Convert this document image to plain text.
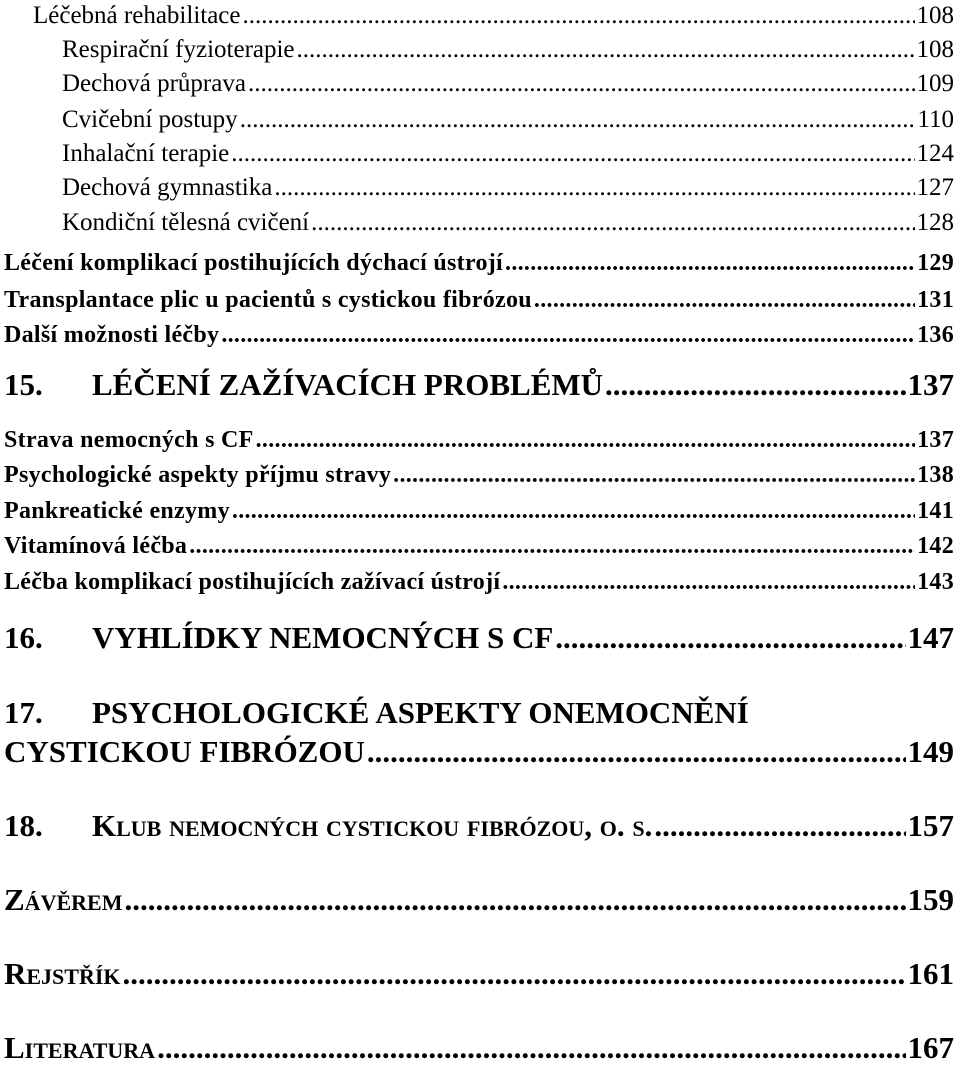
Léčebná rehabilitace .....	108
Respirační fyzioterapie .....	108
Dechová průprava .....	109
Cvičební postupy .....	110
Inhalační terapie .....	124
Dechová gymnastika .....	127
Kondiční tělesná cvičení .....	128
Léčení komplikací postihujících dýchací ústrojí .....	129
Transplantace plic u pacientů s cystickou fibrózou .....	131
Další možnosti léčby .....	136
15. LÉČENÍ ZAŽÍVACÍCH PROBLÉMŮ .....	137
Strava nemocných s CF .....	137
Psychologické aspekty příjmu stravy .....	138
Pankreatické enzymy .....	141
Vitamínová léčba .....	142
Léčba komplikací postihujících zažívací ústrojí .....	143
16. VYHLÍDKY NEMOCNÝCH S CF .....	147
17. PSYCHOLOGICKÉ ASPEKTY ONEMOCNĚNÍ
CYSTICKOU FIBRÓZOU .....	149
18. Klub nemocných cystickou fibrózou, o. s. .....	157
Závěrem .....	159
Rejstřík .....	161
Literatura .....	167
